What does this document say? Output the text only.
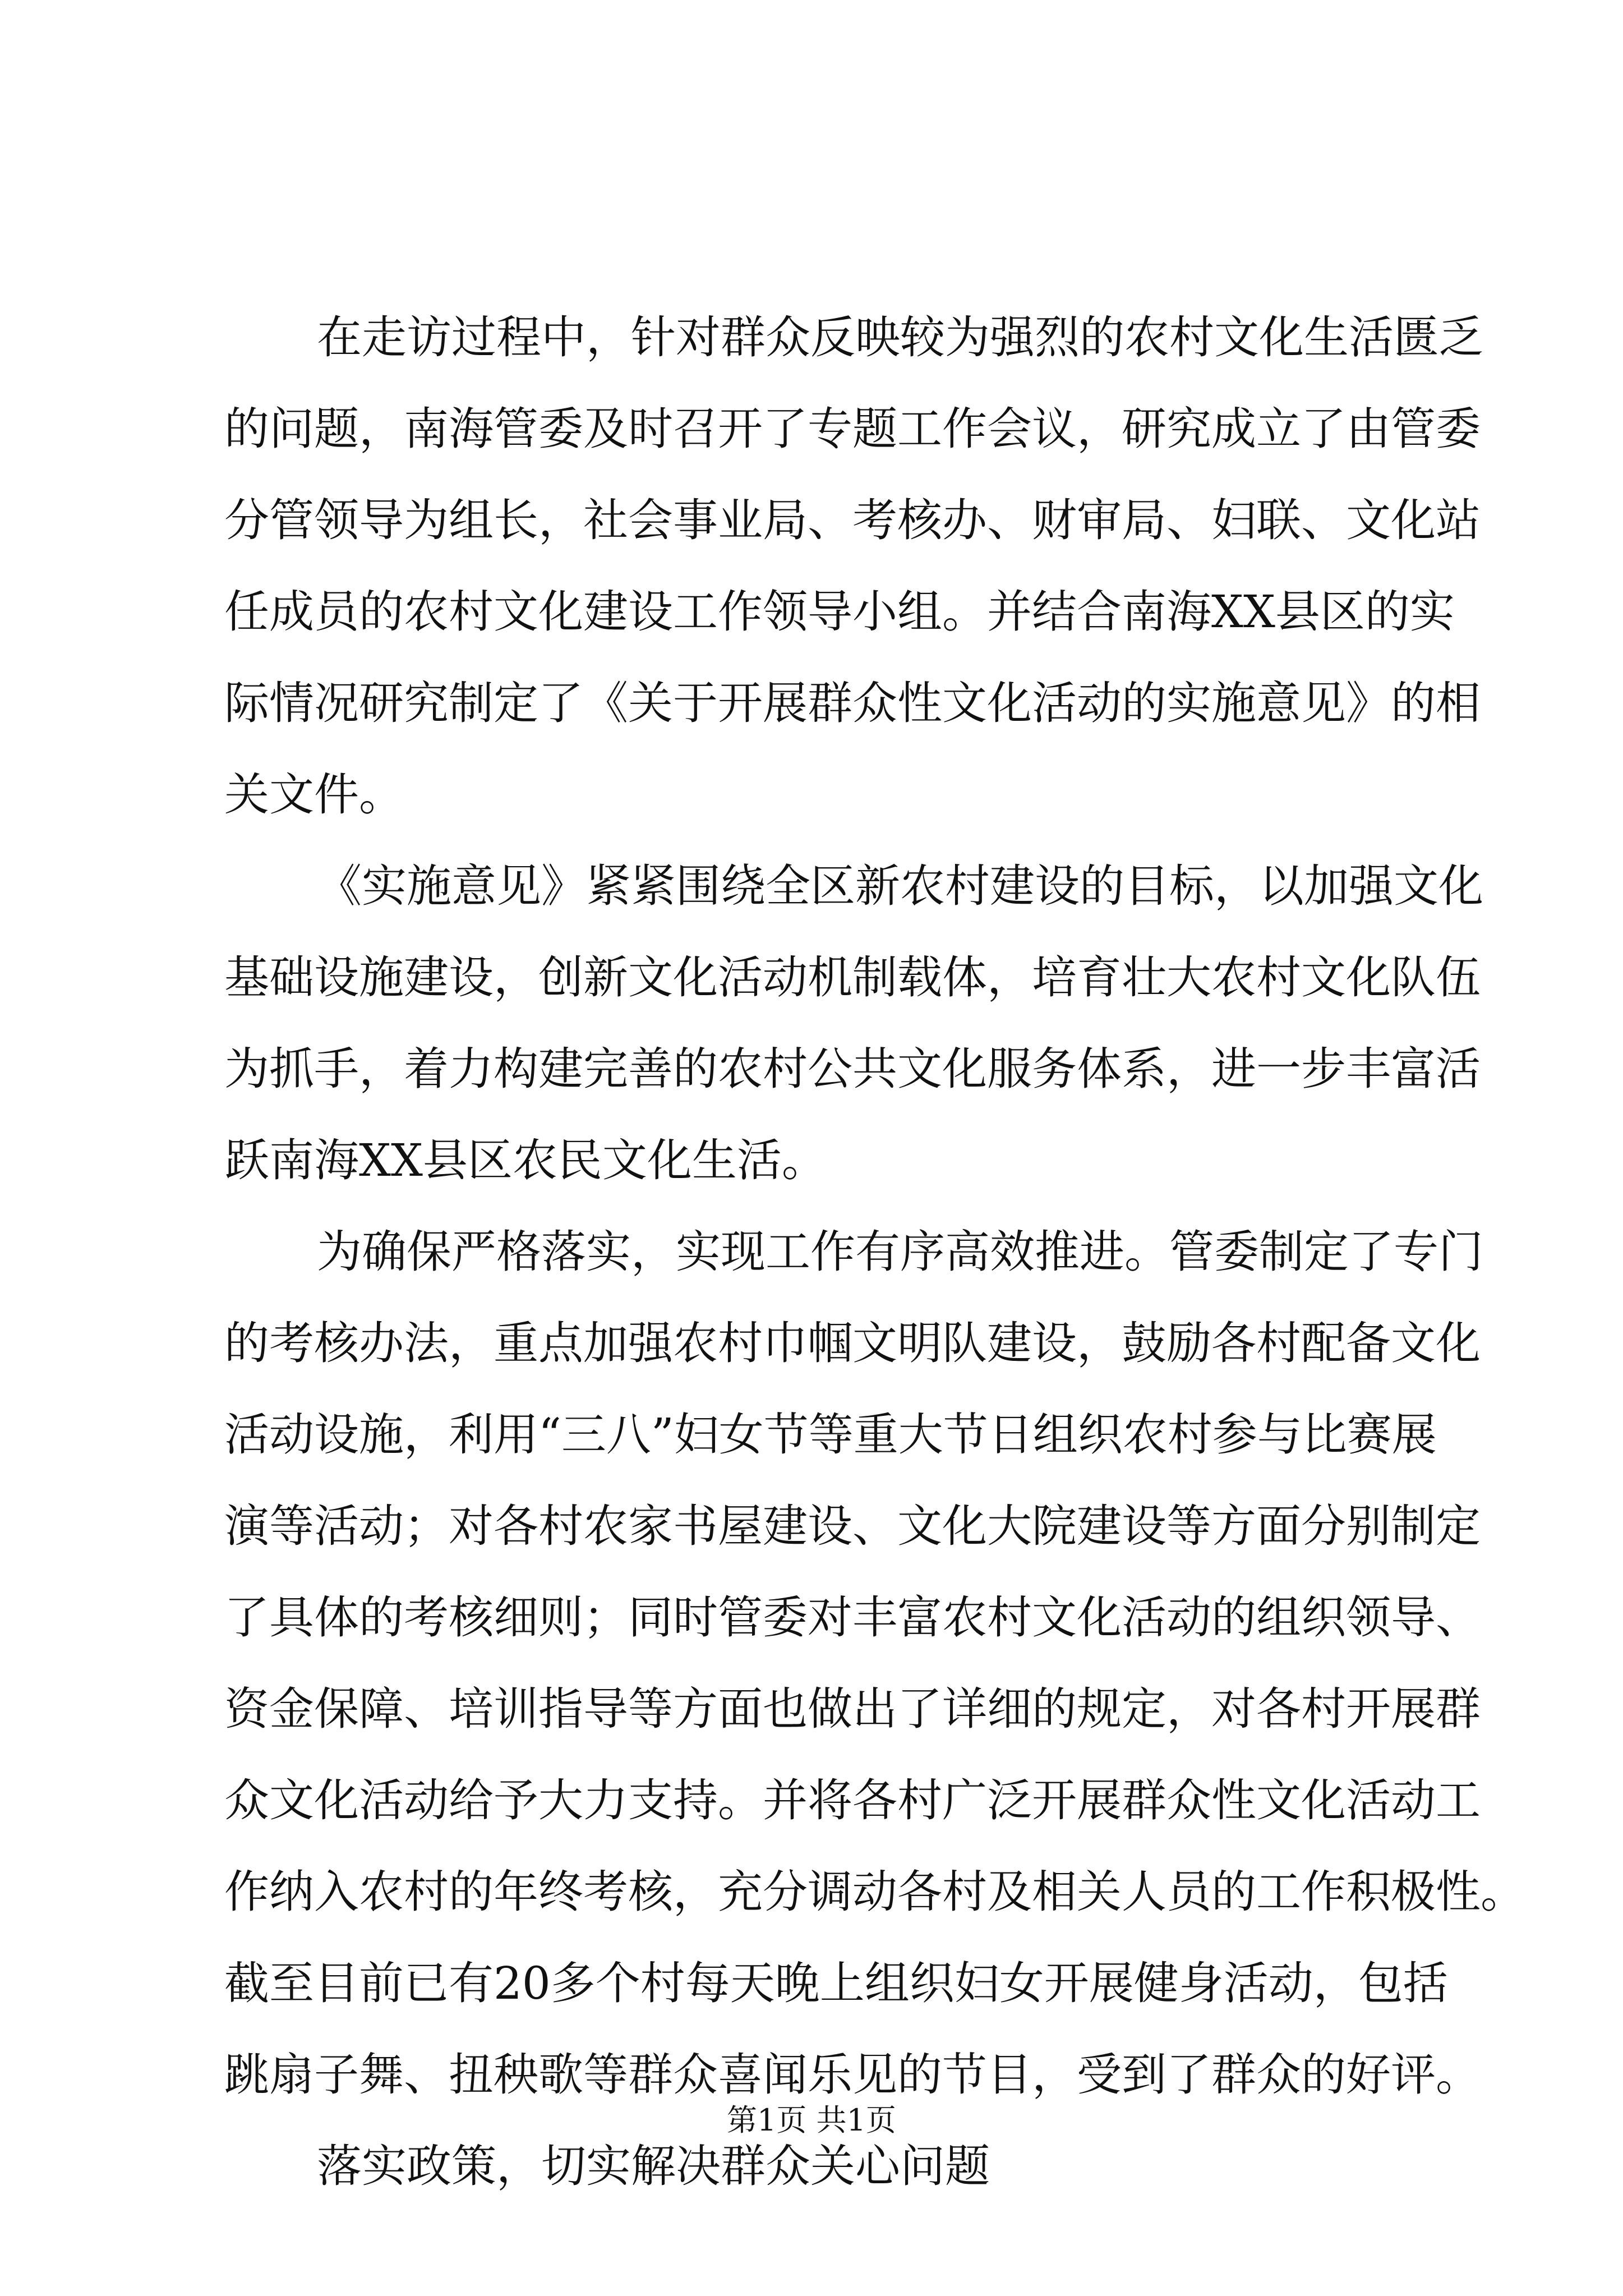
在走访过程中，针对群众反映较为强烈的农村文化生活匮乏
的问题，南海管委及时召开了专题工作会议，研究成立了由管委
分管领导为组长，社会事业局、考核办、财审局、妇联、文化站
任成员的农村文化建设工作领导小组。并结合南海XX县区的实
际情况研究制定了《关于开展群众性文化活动的实施意见》的相
关文件。
《实施意见》紧紧围绕全区新农村建设的目标，以加强文化
基础设施建设，创新文化活动机制载体，培育壮大农村文化队伍
为抓手，着力构建完善的农村公共文化服务体系，进一步丰富活
跃南海XX县区农民文化生活。
为确保严格落实，实现工作有序高效推进。管委制定了专门
的考核办法，重点加强农村巾帼文明队建设，鼓励各村配备文化
活动设施，利用“三八”妇女节等重大节日组织农村参与比赛展
演等活动；对各村农家书屋建设、文化大院建设等方面分别制定
了具体的考核细则；同时管委对丰富农村文化活动的组织领导、
资金保障、培训指导等方面也做出了详细的规定，对各村开展群
众文化活动给予大力支持。并将各村广泛开展群众性文化活动工
作纳入农村的年终考核，充分调动各村及相关人员的工作积极性。
截至目前已有20多个村每天晚上组织妇女开展健身活动，包括
跳扇子舞、扭秧歌等群众喜闻乐见的节目，受到了群众的好评。
落实政策，切实解决群众关心问题
第1页 共1页
